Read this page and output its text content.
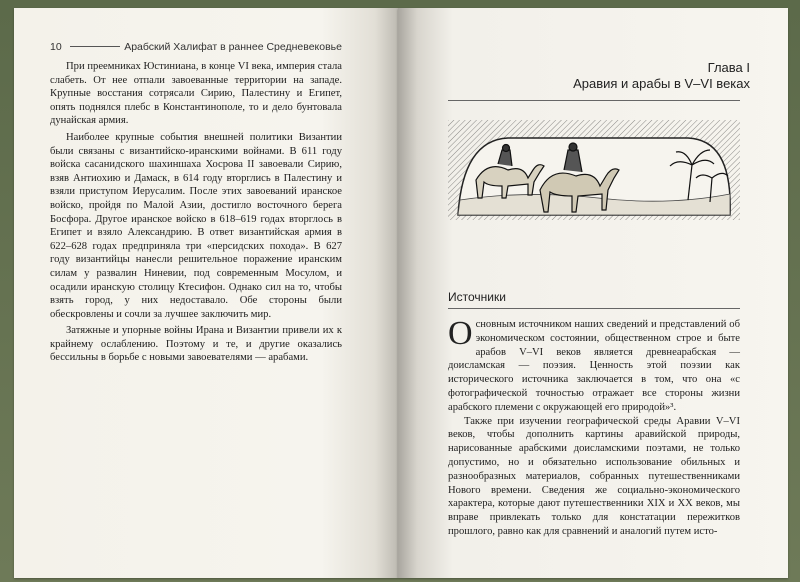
10	Арабский Халифат в раннее Средневековье

При преемниках Юстиниана, в конце VI века, империя стала слабеть. От нее отпали завоеванные территории на западе. Крупные восстания сотрясали Сирию, Палестину и Египет, опять поднялся плебс в Константинополе, то и дело бунтовала дунайская армия.

Наиболее крупные события внешней политики Византии были связаны с византийско-иранскими войнами. В 611 году войска сасанидского шахиншаха Хосрова II завоевали Сирию, взяв Антиохию и Дамаск, в 614 году вторглись в Палестину и взяли приступом Иерусалим. После этих завоеваний иранское войско, пройдя по Малой Азии, достигло восточного берега Босфора. Другое иранское войско в 618–619 годах вторглось в Египет и взяло Александрию. В ответ византийская армия в 622–628 годах предприняла три «персидских похода». В 627 году византийцы нанесли решительное поражение иранским силам у развалин Ниневии, под современным Мосулом, и осадили иранскую столицу Ктесифон. Однако сил на то, чтобы взять город, у них недоставало. Обе стороны были обескровлены и сочли за лучшее заключить мир.

Затяжные и упорные войны Ирана и Византии привели их к крайнему ослаблению. Поэтому и те, и другие оказались бессильны в борьбе с новыми завоевателями — арабами.

Глава I
Аравия и арабы в V–VI веках
Источники

Основным источником наших сведений и представлений об экономическом состоянии, общественном строе и быте арабов V–VI веков является древнеарабская — доисламская — поэзия. Ценность этой поэзии как исторического источника заключается в том, что она «с фотографической точностью отражает все стороны жизни арабского племени с окружающей его природой»³.

Также при изучении географической среды Аравии V–VI веков, чтобы дополнить картины аравийской природы, нарисованные арабскими доисламскими поэтами, не только допустимо, но и обязательно использование обильных и разнообразных материалов, собранных путешественниками Нового времени. Сведения же социально-экономического характера, которые дают путешественники XIX и XX веков, мы вправе привлекать только для констатации пережитков прошлого, равно как для сравнений и аналогий путем исто-
